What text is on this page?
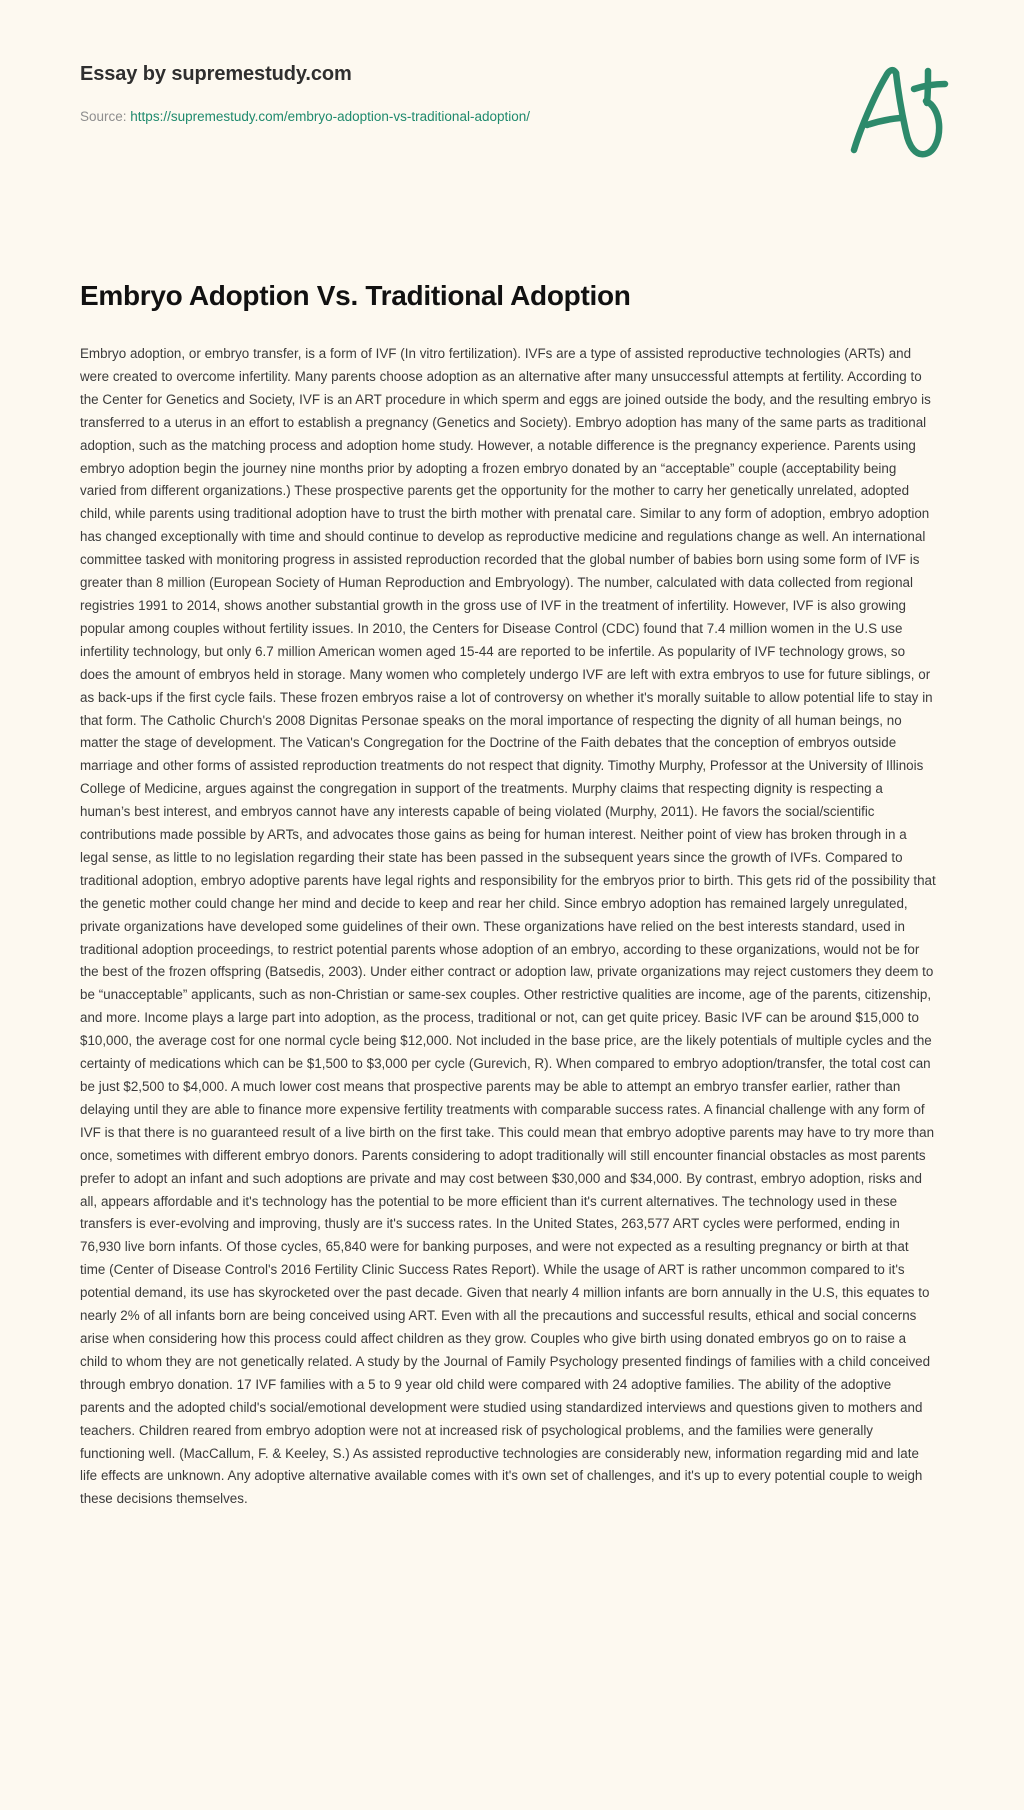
Essay by supremestudy.com
Source: https://supremestudy.com/embryo-adoption-vs-traditional-adoption/
Embryo Adoption Vs. Traditional Adoption

Embryo adoption, or embryo transfer, is a form of IVF (In vitro fertilization). IVFs are a type of assisted reproductive technologies (ARTs) and were created to overcome infertility. Many parents choose adoption as an alternative after many unsuccessful attempts at fertility. According to the Center for Genetics and Society, IVF is an ART procedure in which sperm and eggs are joined outside the body, and the resulting embryo is transferred to a uterus in an effort to establish a pregnancy (Genetics and Society). Embryo adoption has many of the same parts as traditional adoption, such as the matching process and adoption home study. However, a notable difference is the pregnancy experience. Parents using embryo adoption begin the journey nine months prior by adopting a frozen embryo donated by an “acceptable” couple (acceptability being varied from different organizations.) These prospective parents get the opportunity for the mother to carry her genetically unrelated, adopted child, while parents using traditional adoption have to trust the birth mother with prenatal care. Similar to any form of adoption, embryo adoption has changed exceptionally with time and should continue to develop as reproductive medicine and regulations change as well. An international committee tasked with monitoring progress in assisted reproduction recorded that the global number of babies born using some form of IVF is greater than 8 million (European Society of Human Reproduction and Embryology). The number, calculated with data collected from regional registries 1991 to 2014, shows another substantial growth in the gross use of IVF in the treatment of infertility. However, IVF is also growing popular among couples without fertility issues. In 2010, the Centers for Disease Control (CDC) found that 7.4 million women in the U.S use infertility technology, but only 6.7 million American women aged 15-44 are reported to be infertile. As popularity of IVF technology grows, so does the amount of embryos held in storage. Many women who completely undergo IVF are left with extra embryos to use for future siblings, or as back-ups if the first cycle fails. These frozen embryos raise a lot of controversy on whether it's morally suitable to allow potential life to stay in that form. The Catholic Church's 2008 Dignitas Personae speaks on the moral importance of respecting the dignity of all human beings, no matter the stage of development. The Vatican's Congregation for the Doctrine of the Faith debates that the conception of embryos outside marriage and other forms of assisted reproduction treatments do not respect that dignity. Timothy Murphy, Professor at the University of Illinois College of Medicine, argues against the congregation in support of the treatments. Murphy claims that respecting dignity is respecting a human’s best interest, and embryos cannot have any interests capable of being violated (Murphy, 2011). He favors the social/scientific contributions made possible by ARTs, and advocates those gains as being for human interest. Neither point of view has broken through in a legal sense, as little to no legislation regarding their state has been passed in the subsequent years since the growth of IVFs. Compared to traditional adoption, embryo adoptive parents have legal rights and responsibility for the embryos prior to birth. This gets rid of the possibility that the genetic mother could change her mind and decide to keep and rear her child. Since embryo adoption has remained largely unregulated, private organizations have developed some guidelines of their own. These organizations have relied on the best interests standard, used in traditional adoption proceedings, to restrict potential parents whose adoption of an embryo, according to these organizations, would not be for the best of the frozen offspring (Batsedis, 2003). Under either contract or adoption law, private organizations may reject customers they deem to be “unacceptable” applicants, such as non-Christian or same-sex couples. Other restrictive qualities are income, age of the parents, citizenship, and more. Income plays a large part into adoption, as the process, traditional or not, can get quite pricey. Basic IVF can be around $15,000 to $10,000, the average cost for one normal cycle being $12,000. Not included in the base price, are the likely potentials of multiple cycles and the certainty of medications which can be $1,500 to $3,000 per cycle (Gurevich, R). When compared to embryo adoption/transfer, the total cost can be just $2,500 to $4,000. A much lower cost means that prospective parents may be able to attempt an embryo transfer earlier, rather than delaying until they are able to finance more expensive fertility treatments with comparable success rates. A financial challenge with any form of IVF is that there is no guaranteed result of a live birth on the first take. This could mean that embryo adoptive parents may have to try more than once, sometimes with different embryo donors. Parents considering to adopt traditionally will still encounter financial obstacles as most parents prefer to adopt an infant and such adoptions are private and may cost between $30,000 and $34,000. By contrast, embryo adoption, risks and all, appears affordable and it's technology has the potential to be more efficient than it's current alternatives. The technology used in these transfers is ever-evolving and improving, thusly are it's success rates. In the United States, 263,577 ART cycles were performed, ending in 76,930 live born infants. Of those cycles, 65,840 were for banking purposes, and were not expected as a resulting pregnancy or birth at that time (Center of Disease Control's 2016 Fertility Clinic Success Rates Report). While the usage of ART is rather uncommon compared to it's potential demand, its use has skyrocketed over the past decade. Given that nearly 4 million infants are born annually in the U.S, this equates to nearly 2% of all infants born are being conceived using ART. Even with all the precautions and successful results, ethical and social concerns arise when considering how this process could affect children as they grow. Couples who give birth using donated embryos go on to raise a child to whom they are not genetically related. A study by the Journal of Family Psychology presented findings of families with a child conceived through embryo donation. 17 IVF families with a 5 to 9 year old child were compared with 24 adoptive families. The ability of the adoptive parents and the adopted child's social/emotional development were studied using standardized interviews and questions given to mothers and teachers. Children reared from embryo adoption were not at increased risk of psychological problems, and the families were generally functioning well. (MacCallum, F. & Keeley, S.) As assisted reproductive technologies are considerably new, information regarding mid and late life effects are unknown. Any adoptive alternative available comes with it's own set of challenges, and it's up to every potential couple to weigh these decisions themselves.
